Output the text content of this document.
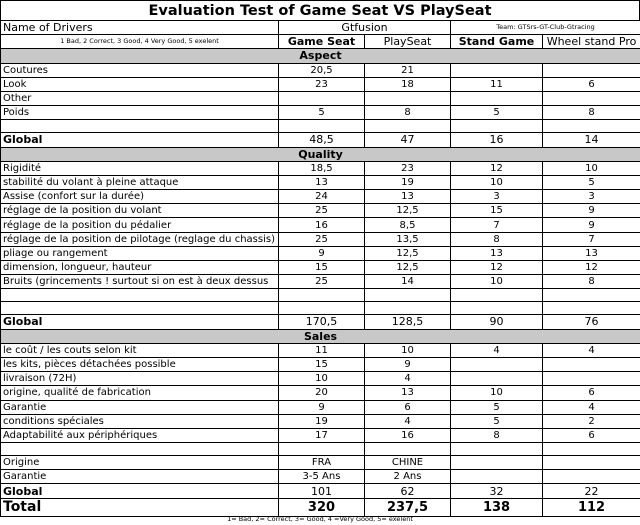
Evaluation Test of Game Seat VS PlaySeat
Name of Drivers	Gtfusion		Team: GTSrs-GT-Club-Gtracing	
1 Bad, 2 Correct, 3 Good, 4 Very Good, 5 exelent	Game Seat	PlaySeat	Stand Game	Wheel stand Pro
Aspect				
Coutures	20,5	21		
Look	23	18	11	6
Other				
Poids	5	8	5	8

Global	48,5	47	16	14
Quality				
Rigidité	18,5	23	12	10
stabilité du volant à pleine attaque	13	19	10	5
Assise (confort sur la durée)	24	13	3	3
réglage de la position du volant	25	12,5	15	9
réglage de la position du pédalier	16	8,5	7	9
réglage de la position de pilotage (reglage du chassis)	25	13,5	8	7
pliage ou rangement	9	12,5	13	13
dimension, longueur, hauteur	15	12,5	12	12
Bruits (grincements ! surtout si on est à deux dessus	25	14	10	8

Global	170,5	128,5	90	76
Sales				
le coût / les couts selon kit	11	10	4	4
les kits, pièces détachées possible	15	9		
livraison (72H)	10	4		
origine, qualité de fabrication	20	13	10	6
Garantie	9	6	5	4
conditions spéciales	19	4	5	2
Adaptabilité aux périphériques	17	16	8	6

Origine	FRA	CHINE		
Garantie	3-5 Ans	2 Ans		
Global	101	62	32	22
Total	320	237,5	138	112
1= Bad, 2= Correct, 3= Good, 4 =Very Good, 5= exelent
